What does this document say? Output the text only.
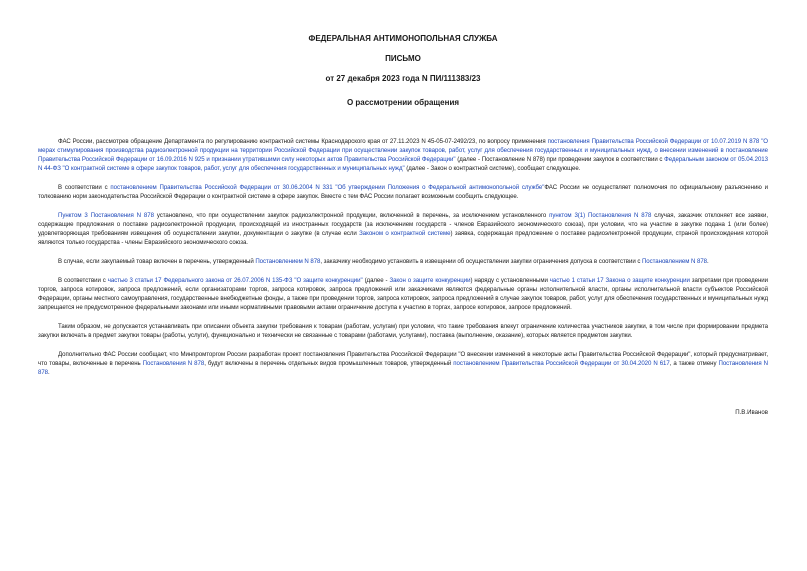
ФЕДЕРАЛЬНАЯ АНТИМОНОПОЛЬНАЯ СЛУЖБА

ПИСЬМО

от 27 декабря 2023 года N ПИ/111383/23

О рассмотрении обращения

ФАС России, рассмотрев обращение Департамента по регулированию контрактной системы Краснодарского края от 27.11.2023 N 45-05-07-2492/23, по вопросу применения постановления Правительства Российской Федерации от 10.07.2019 N 878 "О мерах стимулирования производства радиоэлектронной продукции на территории Российской Федерации при осуществлении закупок товаров, работ, услуг для обеспечения государственных и муниципальных нужд, о внесении изменений в постановление Правительства Российской Федерации от 16.09.2016 N 925 и признании утратившими силу некоторых актов Правительства Российской Федерации" (далее - Постановление N 878) при проведении закупок в соответствии с Федеральным законом от 05.04.2013 N 44-ФЗ "О контрактной системе в сфере закупок товаров, работ, услуг для обеспечения государственных и муниципальных нужд" (далее - Закон о контрактной системе), сообщает следующее.

В соответствии с постановлением Правительства Российской Федерации от 30.06.2004 N 331 "Об утверждении Положения о Федеральной антимонопольной службе"ФАС России не осуществляет полномочия по официальному разъяснению и толкованию норм законодательства Российской Федерации о контрактной системе в сфере закупок. Вместе с тем ФАС России полагает возможным сообщить следующее.

Пунктом 3 Постановления N 878 установлено, что при осуществлении закупок радиоэлектронной продукции, включенной в перечень, за исключением установленного пунктом 3(1) Постановления N 878 случая, заказчик отклоняет все заявки, содержащие предложения о поставке радиоэлектронной продукции, происходящей из иностранных государств (за исключением государств - членов Евразийского экономического союза), при условии, что на участие в закупке подана 1 (или более) удовлетворяющая требованиям извещения об осуществлении закупки, документации о закупке (в случае если Законом о контрактной системе) заявка, содержащая предложение о поставке радиоэлектронной продукции, страной происхождения которой являются только государства - члены Евразийского экономического союза.

В случае, если закупаемый товар включен в перечень, утвержденный Постановлением N 878, заказчику необходимо установить в извещении об осуществлении закупки ограничения допуска в соответствии с Постановлением N 878.

В соответствии с частью 3 статьи 17 Федерального закона от 26.07.2006 N 135-ФЗ "О защите конкуренции" (далее - Закон о защите конкуренции) наряду с установленными частью 1 статьи 17 Закона о защите конкуренции запретами при проведении торгов, запроса котировок, запроса предложений, если организаторами торгов, запроса котировок, запроса предложений или заказчиками являются федеральные органы исполнительной власти, органы исполнительной власти субъектов Российской Федерации, органы местного самоуправления, государственные внебюджетные фонды, а также при проведении торгов, запроса котировок, запроса предложений в случае закупок товаров, работ, услуг для обеспечения государственных и муниципальных нужд запрещается не предусмотренное федеральными законами или иными нормативными правовыми актами ограничение доступа к участию в торгах, запросе котировок, запросе предложений.

Таким образом, не допускается устанавливать при описании объекта закупки требования к товарам (работам, услугам) при условии, что такие требования влекут ограничение количества участников закупки, в том числе при формировании предмета закупки включать в предмет закупки товары (работы, услуги), функционально и технически не связанные с товарами (работами, услугами), поставка (выполнение, оказание), которых является предметом закупки.

Дополнительно ФАС России сообщает, что Минпромторгом России разработан проект постановления Правительства Российской Федерации "О внесении изменений в некоторые акты Правительства Российской Федерации", который предусматривает, что товары, включенные в перечень Постановления N 878, будут включены в перечень отдельных видов промышленных товаров, утвержденный постановлением Правительства Российской Федерации от 30.04.2020 N 617, а также отмену Постановления N 878.

П.В.Иванов
